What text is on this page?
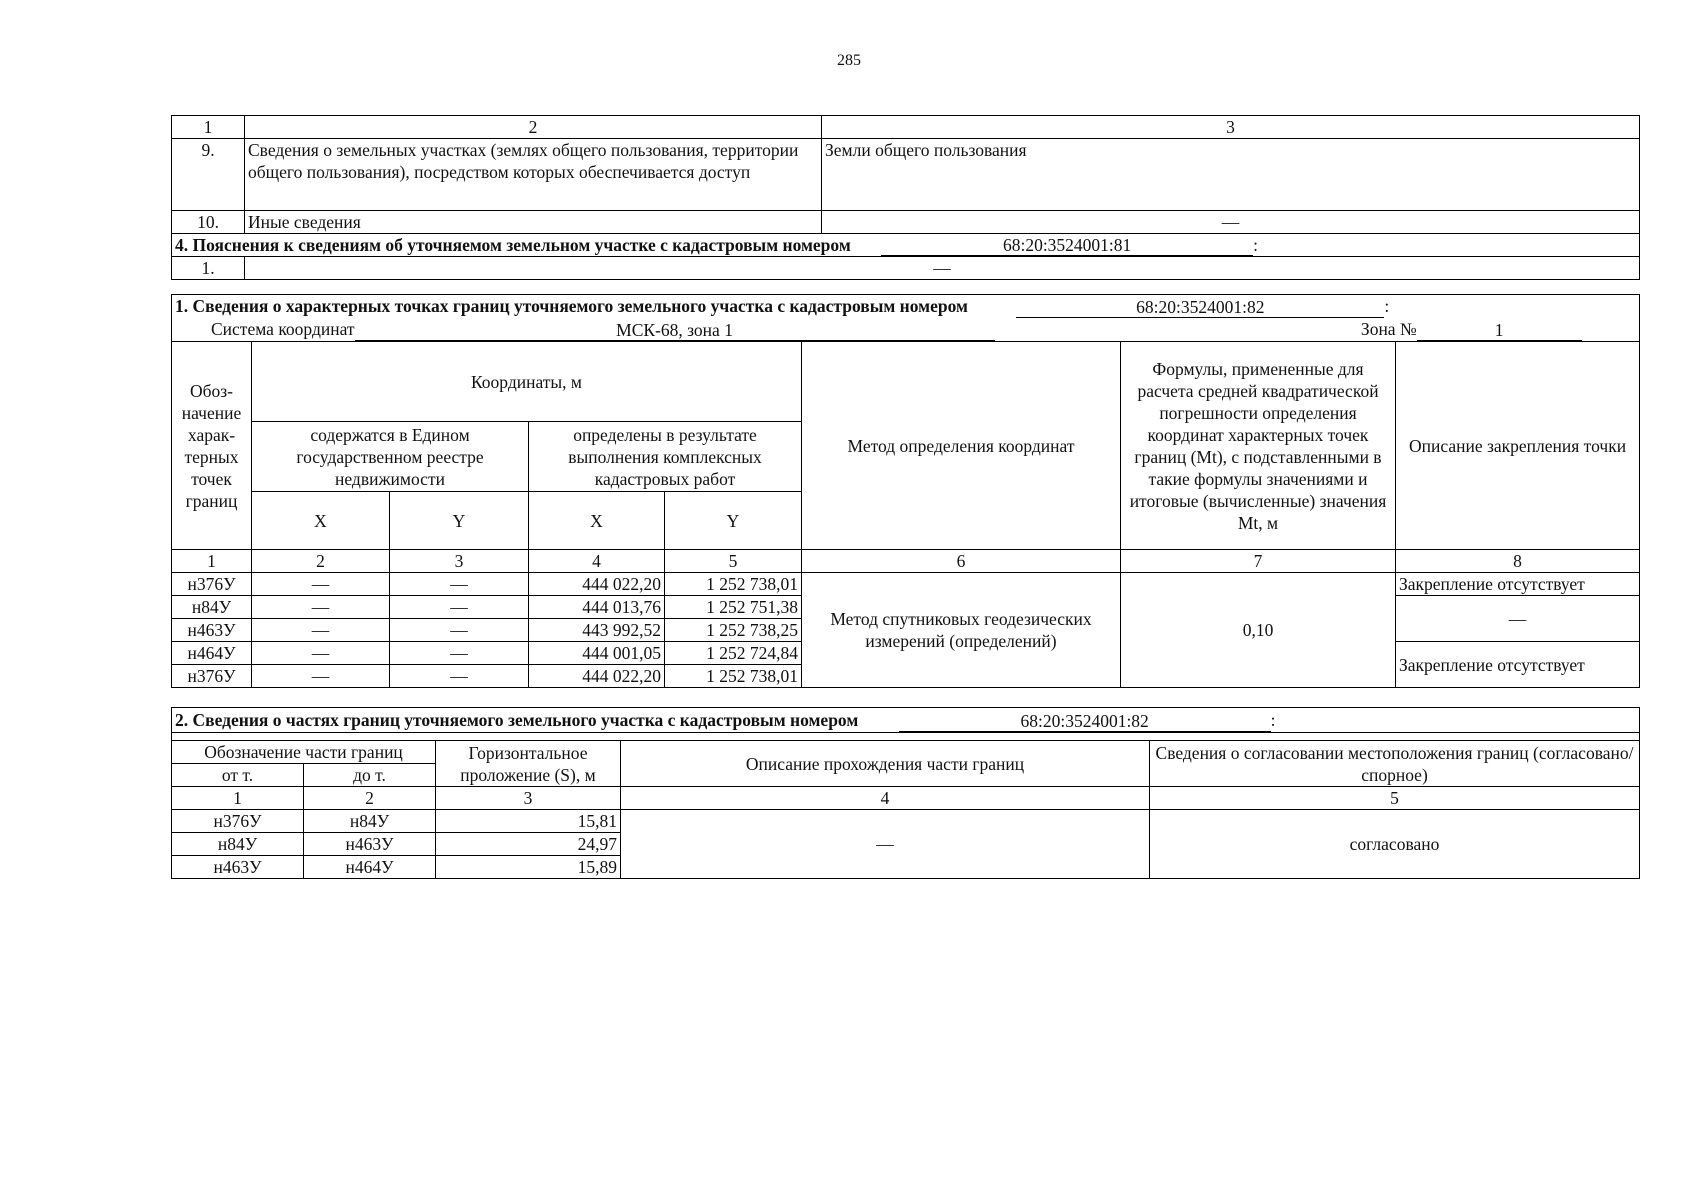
285
1	2	3
9.	Сведения о земельных участках (землях общего пользования, территории общего пользования), посредством которых обеспечивается доступ	Земли общего пользования
10.	Иные сведения	—
4. Пояснения к сведениям об уточняемом земельном участке с кадастровым номером 68:20:3524001:81 :		
1.	—	
1. Сведения о характерных точках границ уточняемого земельного участка с кадастровым номером 68:20:3524001:82 :
Система координат МСК-68, зона 1 Зона № 1							
Обоз-начение харак-терных точек границ	Координаты, м				Метод определения координат	Формулы, примененные для расчета средней квадратической погрешности определения координат характерных точек границ (Mt), с подставленными в такие формулы значениями и итоговые (вычисленные) значения Mt, м	Описание закрепления точки
	содержатся в Едином государственном реестре недвижимости		определены в результате выполнения комплексных кадастровых работ				
	X	Y	X	Y			
1	2	3	4	5	6	7	8
н376У	—	—	444 022,20	1 252 738,01	Метод спутниковых геодезических измерений (определений)	0,10	Закрепление отсутствует
н84У	—	—	444 013,76	1 252 751,38			—
н463У	—	—	443 992,52	1 252 738,25			
н464У	—	—	444 001,05	1 252 724,84			Закрепление отсутствует
н376У	—	—	444 022,20	1 252 738,01			
2. Сведения о частях границ уточняемого земельного участка с кадастровым номером 68:20:3524001:82 :				

Обозначение части границ		Горизонтальное проложение (S), м	Описание прохождения части границ	Сведения о согласовании местоположения границ (согласовано/спорное)
от т.	до т.			
1	2	3	4	5
н376У	н84У	15,81	—	согласовано
н84У	н463У	24,97		
н463У	н464У	15,89		
